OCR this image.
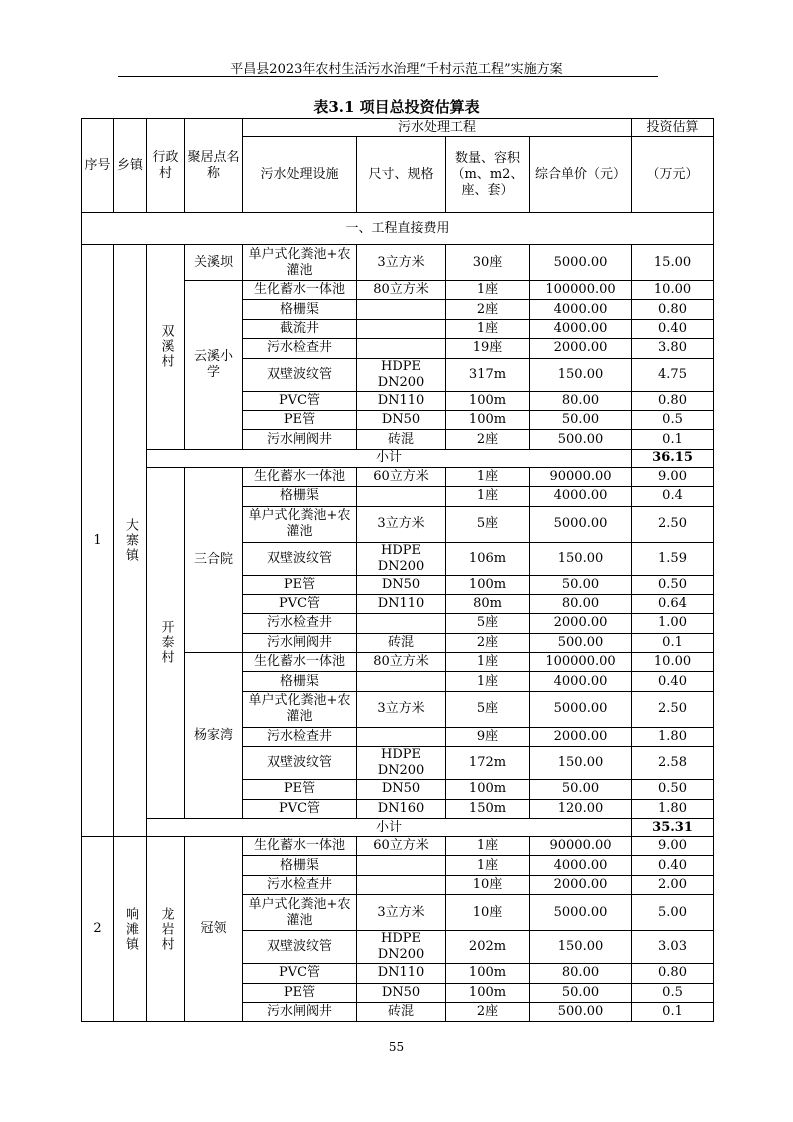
平昌县2023年农村生活污水治理“千村示范工程”实施方案
表3.1 项目总投资估算表
序号	乡镇	行政村	聚居点名称	污水处理工程				投资估算
				污水处理设施	尺寸、规格	数量、容积（m、m2、座、套）	综合单价（元）	（万元）
一、工程直接费用								
1	大寨镇	双溪村	关溪坝	单户式化粪池+农灌池	3立方米	30座	5000.00	15.00
			云溪小学	生化蓄水一体池	80立方米	1座	100000.00	10.00
				格栅渠		2座	4000.00	0.80
				截流井		1座	4000.00	0.40
				污水检查井		19座	2000.00	3.80
				双壁波纹管	HDPE DN200	317m	150.00	4.75
				PVC管	DN110	100m	80.00	0.80
				PE管	DN50	100m	50.00	0.5
				污水闸阀井	砖混	2座	500.00	0.1
		小计						36.15
		开泰村	三合院	生化蓄水一体池	60立方米	1座	90000.00	9.00
				格栅渠		1座	4000.00	0.4
				单户式化粪池+农灌池	3立方米	5座	5000.00	2.50
				双壁波纹管	HDPE DN200	106m	150.00	1.59
				PE管	DN50	100m	50.00	0.50
				PVC管	DN110	80m	80.00	0.64
				污水检查井		5座	2000.00	1.00
				污水闸阀井	砖混	2座	500.00	0.1
			杨家湾	生化蓄水一体池	80立方米	1座	100000.00	10.00
				格栅渠		1座	4000.00	0.40
				单户式化粪池+农灌池	3立方米	5座	5000.00	2.50
				污水检查井		9座	2000.00	1.80
				双壁波纹管	HDPE DN200	172m	150.00	2.58
				PE管	DN50	100m	50.00	0.50
				PVC管	DN160	150m	120.00	1.80
		小计						35.31
2	响滩镇	龙岩村	冠领	生化蓄水一体池	60立方米	1座	90000.00	9.00
				格栅渠		1座	4000.00	0.40
				污水检查井		10座	2000.00	2.00
				单户式化粪池+农灌池	3立方米	10座	5000.00	5.00
				双壁波纹管	HDPE DN200	202m	150.00	3.03
				PVC管	DN110	100m	80.00	0.80
				PE管	DN50	100m	50.00	0.5
				污水闸阀井	砖混	2座	500.00	0.1
55
